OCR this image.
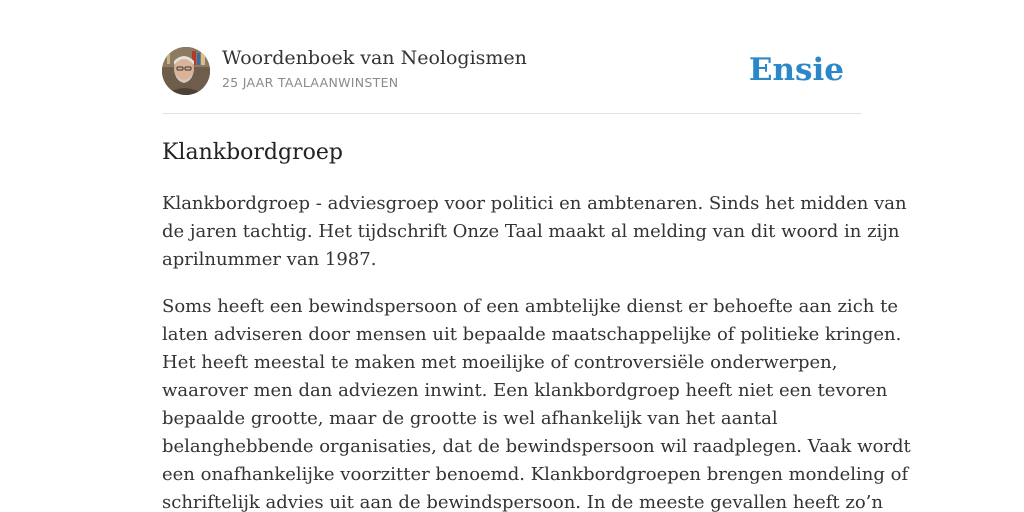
Woordenboek van Neologismen
25 JAAR TAALAANWINSTEN	Ensie
Klankbordgroep

Klankbordgroep - adviesgroep voor politici en ambtenaren. Sinds het midden van
de jaren tachtig. Het tijdschrift Onze Taal maakt al melding van dit woord in zijn
aprilnummer van 1987.

Soms heeft een bewindspersoon of een ambtelijke dienst er behoefte aan zich te
laten adviseren door mensen uit bepaalde maatschappelijke of politieke kringen.
Het heeft meestal te maken met moeilijke of controversiële onderwerpen,
waarover men dan adviezen inwint. Een klankbordgroep heeft niet een tevoren
bepaalde grootte, maar de grootte is wel afhankelijk van het aantal
belanghebbende organisaties, dat de bewindspersoon wil raadplegen. Vaak wordt
een onafhankelijke voorzitter benoemd. Klankbordgroepen brengen mondeling of
schriftelijk advies uit aan de bewindspersoon. In de meeste gevallen heeft zo’n
